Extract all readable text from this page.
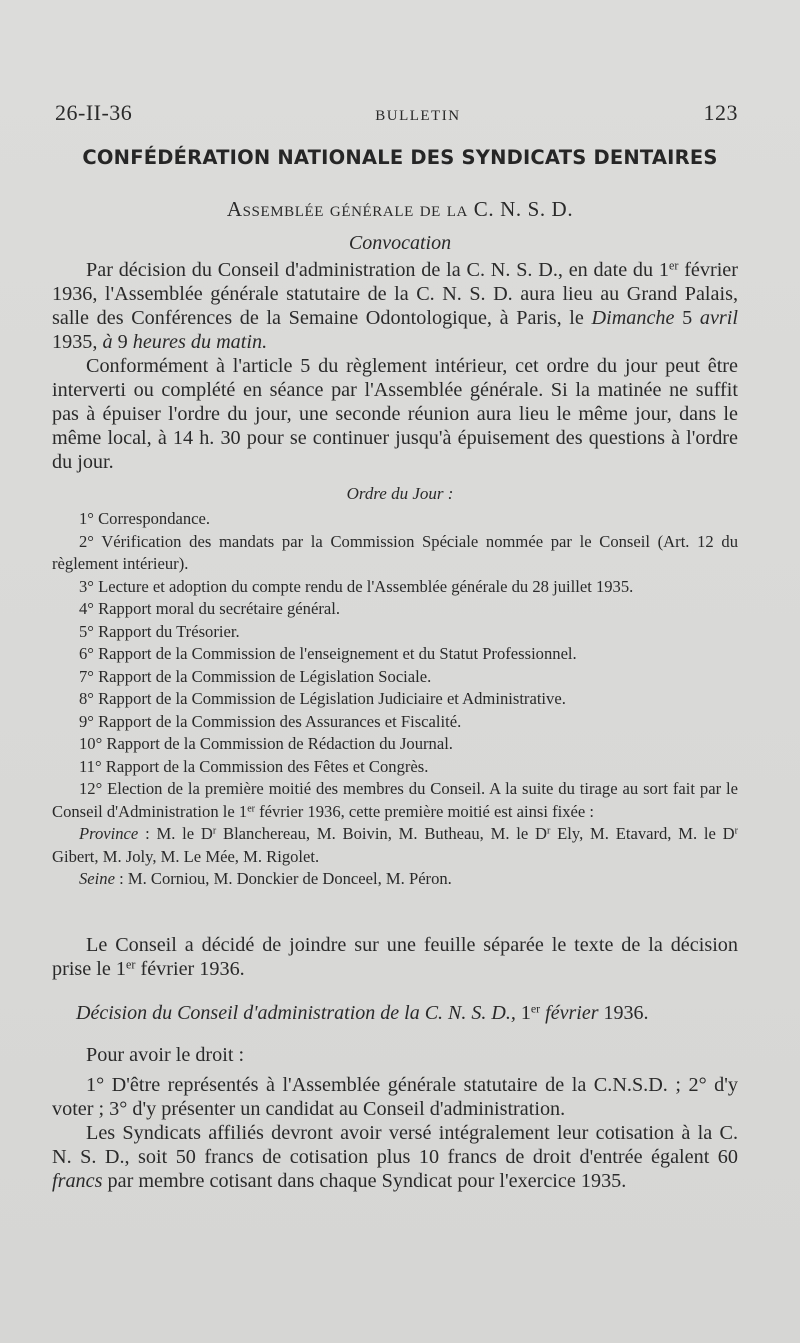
26-II-36	BULLETIN	123
CONFÉDÉRATION NATIONALE DES SYNDICATS DENTAIRES
Assemblée générale de la C. N. S. D.
Convocation

Par décision du Conseil d'administration de la C. N. S. D., en date du 1er février 1936, l'Assemblée générale statutaire de la C. N. S. D. aura lieu au Grand Palais, salle des Conférences de la Semaine Odontologique, à Paris, le Dimanche 5 avril 1935, à 9 heures du matin.

Conformément à l'article 5 du règlement intérieur, cet ordre du jour peut être interverti ou complété en séance par l'Assemblée générale. Si la matinée ne suffit pas à épuiser l'ordre du jour, une seconde réunion aura lieu le même jour, dans le même local, à 14 h. 30 pour se continuer jusqu'à épuisement des questions à l'ordre du jour.

Ordre du Jour :

1° Correspondance.

2° Vérification des mandats par la Commission Spéciale nommée par le Conseil (Art. 12 du règlement intérieur).

3° Lecture et adoption du compte rendu de l'Assemblée générale du 28 juillet 1935.

4° Rapport moral du secrétaire général.

5° Rapport du Trésorier.

6° Rapport de la Commission de l'enseignement et du Statut Professionnel.

7° Rapport de la Commission de Législation Sociale.

8° Rapport de la Commission de Législation Judiciaire et Administrative.

9° Rapport de la Commission des Assurances et Fiscalité.

10° Rapport de la Commission de Rédaction du Journal.

11° Rapport de la Commission des Fêtes et Congrès.

12° Election de la première moitié des membres du Conseil. A la suite du tirage au sort fait par le Conseil d'Administration le 1er février 1936, cette première moitié est ainsi fixée :

Province : M. le $D^r$ Blanchereau, M. Boivin, M. Butheau, M. le $D^r$ Ely, M. Etavard, M. le $D^r$ Gibert, M. Joly, M. Le Mée, M. Rigolet.

Seine : M. Corniou, M. Donckier de Donceel, M. Péron.

Le Conseil a décidé de joindre sur une feuille séparée le texte de la décision prise le 1er février 1936.

Décision du Conseil d'administration de la C. N. S. D., 1er février 1936.

Pour avoir le droit :

1° D'être représentés à l'Assemblée générale statutaire de la C.N.S.D. ; 2° d'y voter ; 3° d'y présenter un candidat au Conseil d'administration.

Les Syndicats affiliés devront avoir versé intégralement leur cotisation à la C. N. S. D., soit 50 francs de cotisation plus 10 francs de droit d'entrée égalent 60 francs par membre cotisant dans chaque Syndicat pour l'exercice 1935.
